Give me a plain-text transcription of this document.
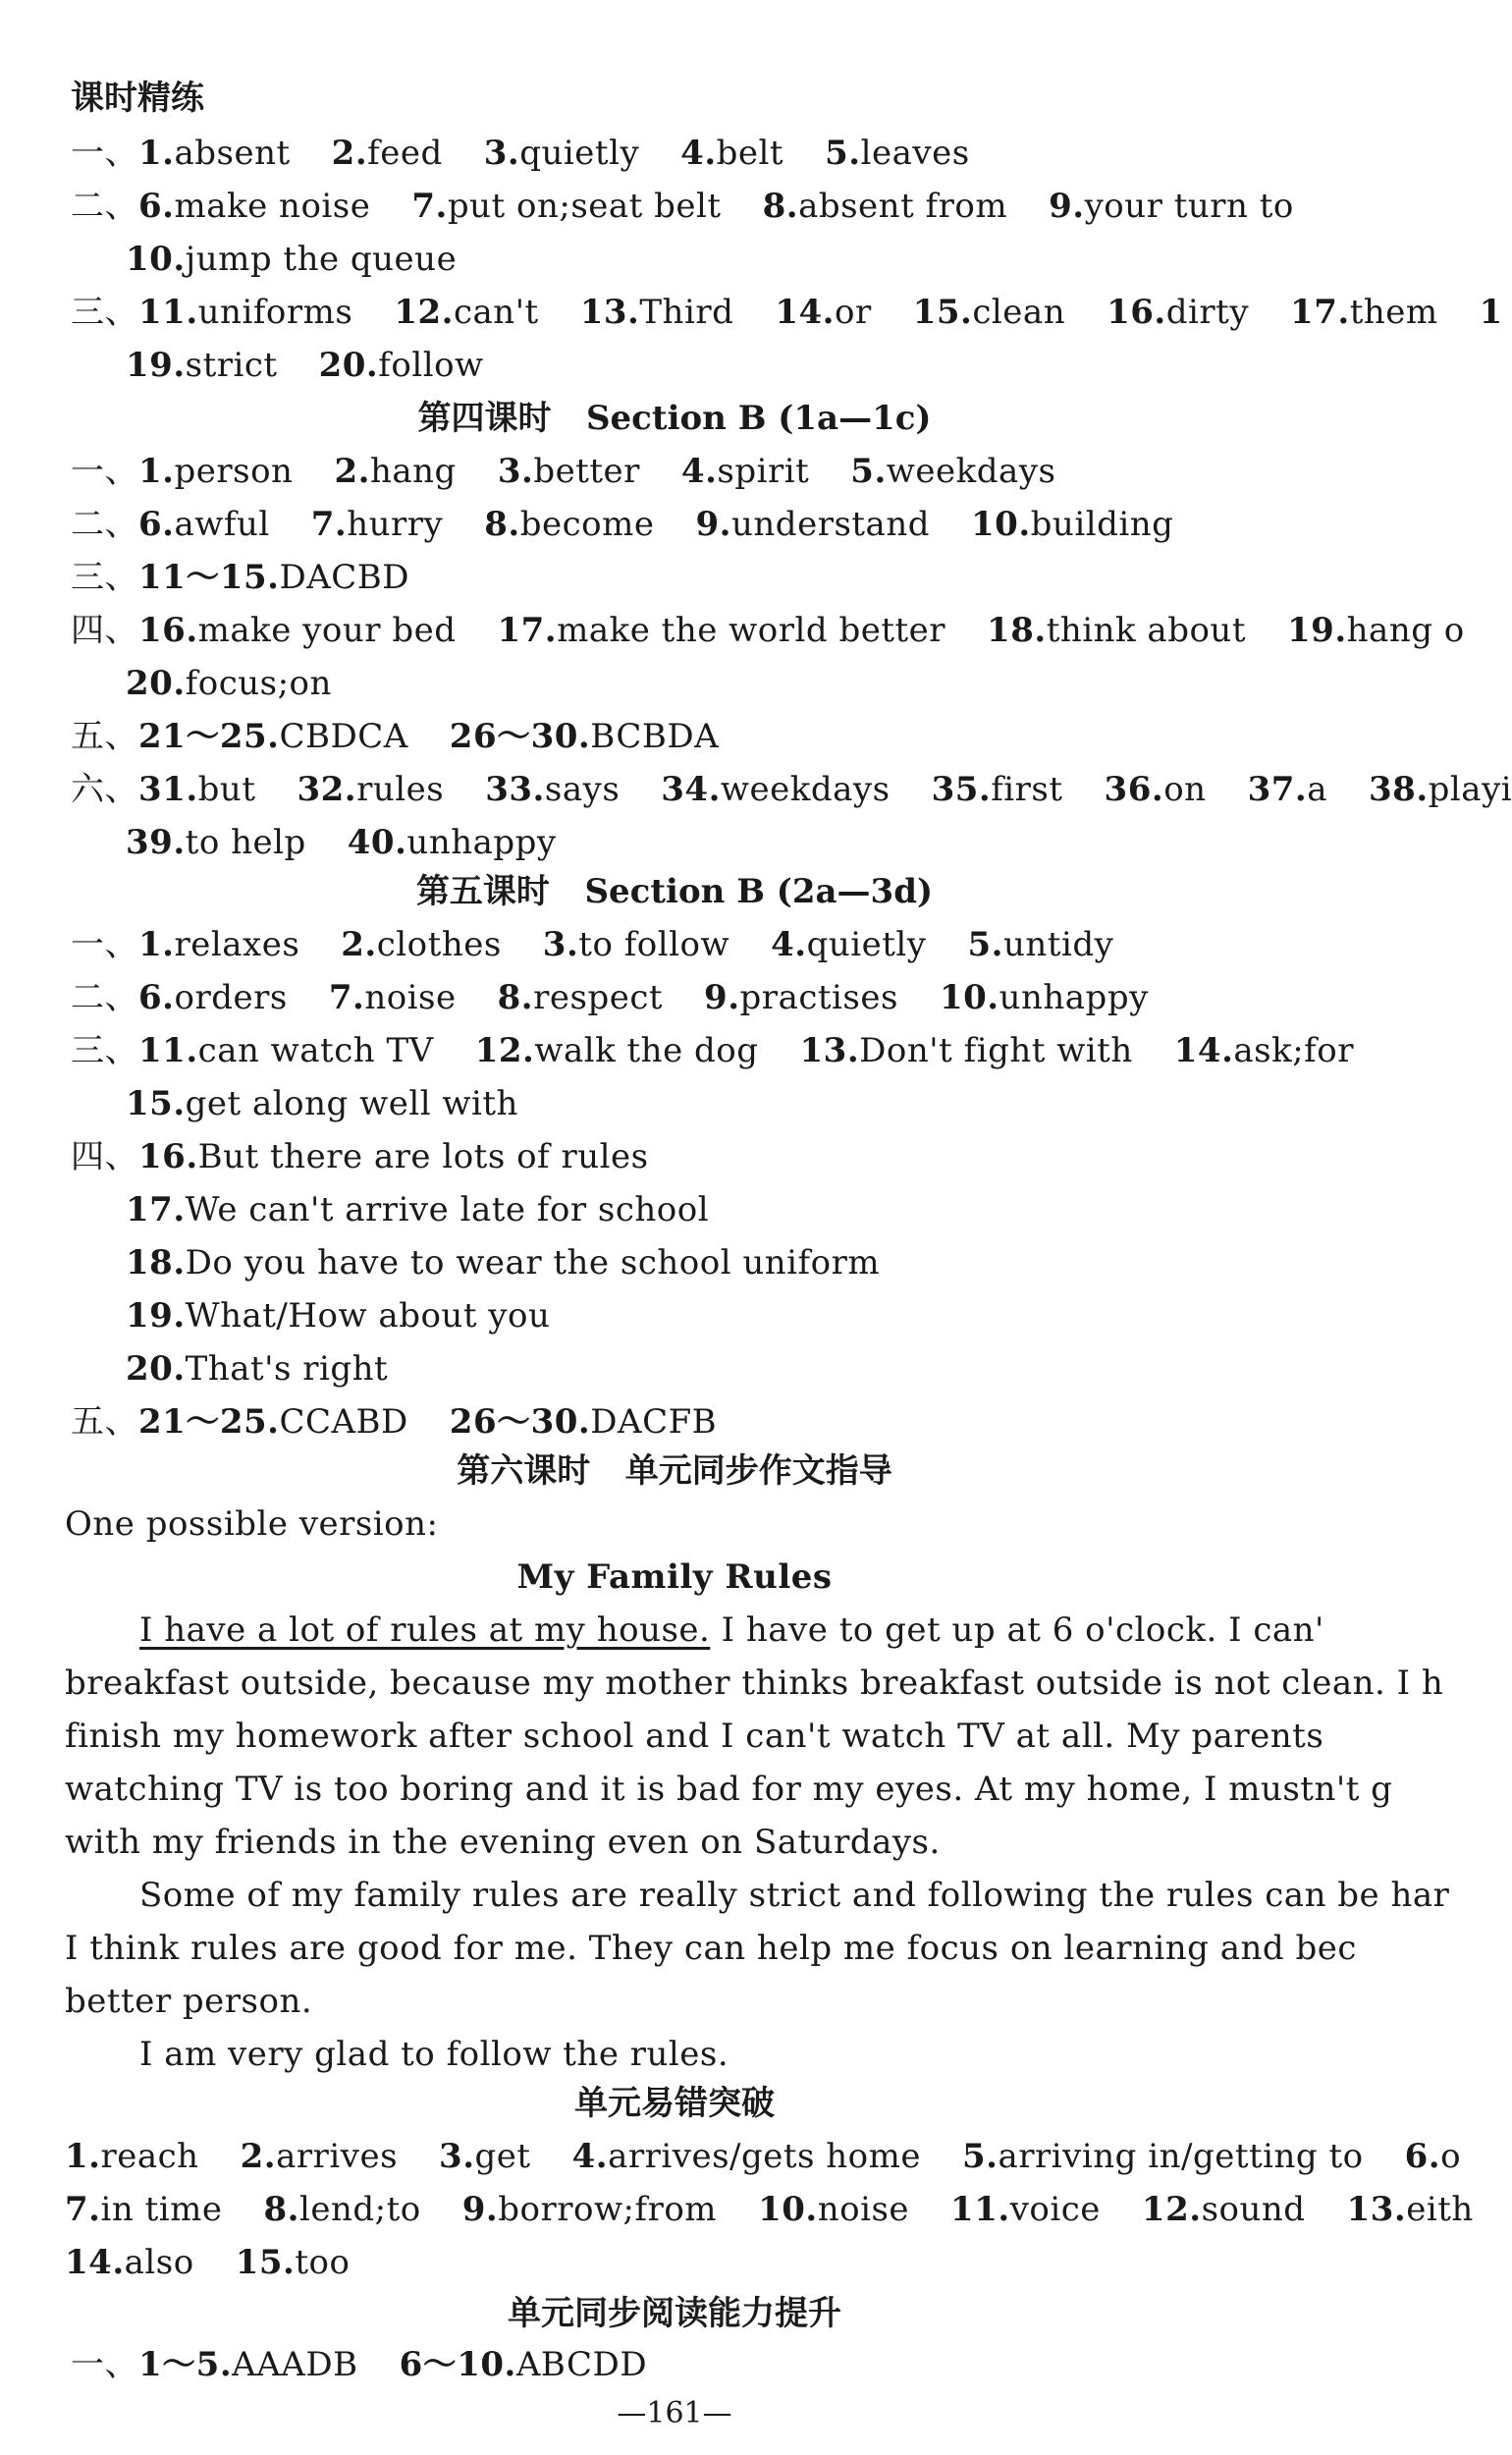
课时精练
一、1.absent 2.feed 3.quietly 4.belt 5.leaves
二、6.make noise 7.put on;seat belt 8.absent from 9.your turn to
10.jump the queue
三、11.uniforms 12.can't 13.Third 14.or 15.clean 16.dirty 17.them 1
19.strict 20.follow
第四课时 Section B (1a—1c)
一、1.person 2.hang 3.better 4.spirit 5.weekdays
二、6.awful 7.hurry 8.become 9.understand 10.building
三、11～15.DACBD
四、16.make your bed 17.make the world better 18.think about 19.hang o
20.focus;on
五、21～25.CBDCA 26～30.BCBDA
六、31.but 32.rules 33.says 34.weekdays 35.first 36.on 37.a 38.playi
39.to help 40.unhappy
第五课时 Section B (2a—3d)
一、1.relaxes 2.clothes 3.to follow 4.quietly 5.untidy
二、6.orders 7.noise 8.respect 9.practises 10.unhappy
三、11.can watch TV 12.walk the dog 13.Don't fight with 14.ask;for
15.get along well with
四、16.But there are lots of rules
17.We can't arrive late for school
18.Do you have to wear the school uniform
19.What/How about you
20.That's right
五、21～25.CCABD 26～30.DACFB
第六课时 单元同步作文指导
One possible version:
My Family Rules
I have a lot of rules at my house. I have to get up at 6 o'clock. I can'
breakfast outside, because my mother thinks breakfast outside is not clean. I h
finish my homework after school and I can't watch TV at all. My parents
watching TV is too boring and it is bad for my eyes. At my home, I mustn't g
with my friends in the evening even on Saturdays.
Some of my family rules are really strict and following the rules can be har
I think rules are good for me. They can help me focus on learning and bec
better person.
I am very glad to follow the rules.
单元易错突破
1.reach 2.arrives 3.get 4.arrives/gets home 5.arriving in/getting to 6.o
7.in time 8.lend;to 9.borrow;from 10.noise 11.voice 12.sound 13.eith
14.also 15.too
单元同步阅读能力提升
一、1～5.AAADB 6～10.ABCDD
—161—
